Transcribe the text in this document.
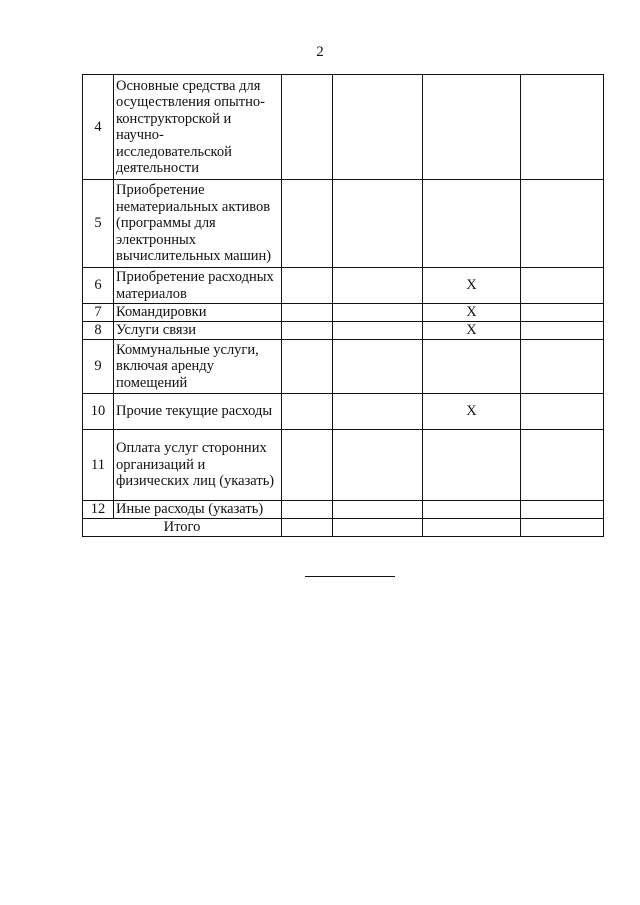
2
4	Основные средства для осуществления опытно-конструкторской и научно-исследовательской деятельности				
5	Приобретение нематериальных активов (программы для электронных вычислительных машин)				
6	Приобретение расходных материалов			X	
7	Командировки			X	
8	Услуги связи			X	
9	Коммунальные услуги, включая аренду помещений				
10	Прочие текущие расходы			X	
11	Оплата услуг сторонних организаций и физических лиц (указать)				
12	Иные расходы (указать)				
Итого					
